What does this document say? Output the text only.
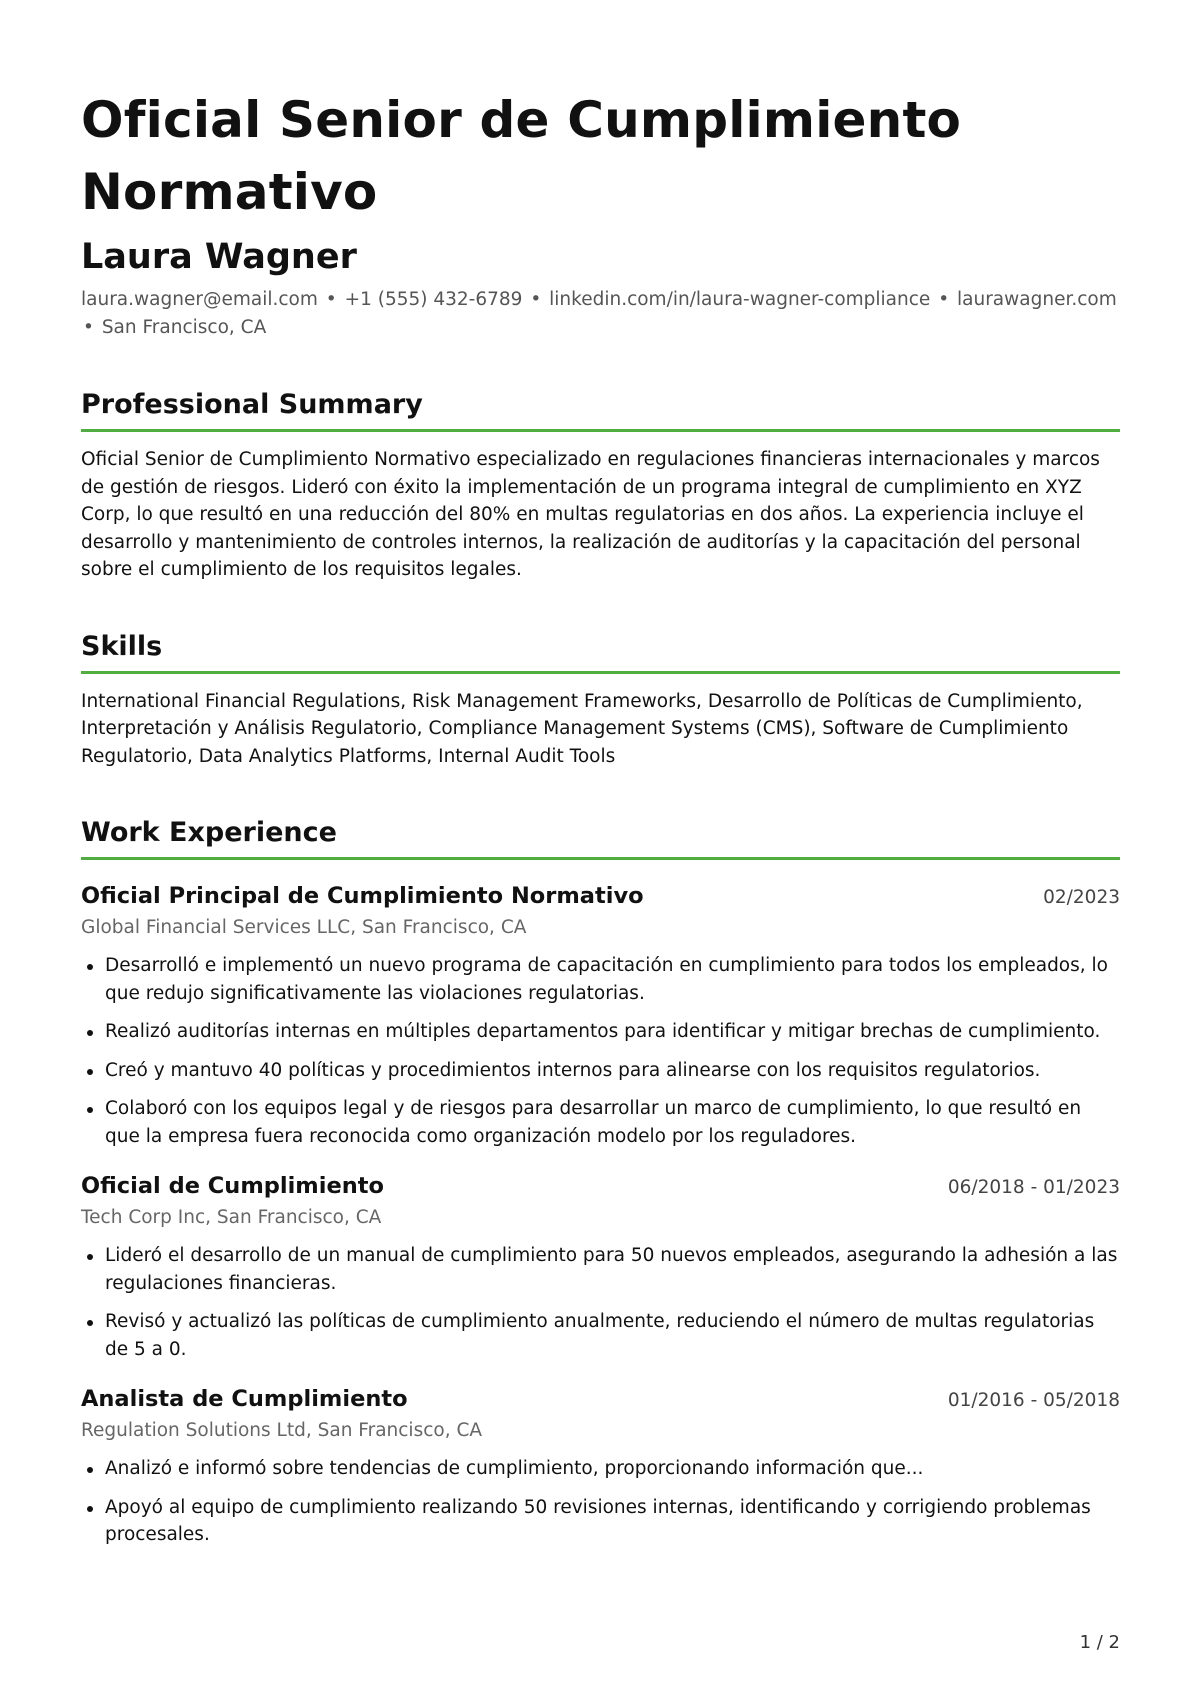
Oficial Senior de Cumplimiento Normativo
Laura Wagner

laura.wagner@email.com • +1 (555) 432-6789 • linkedin.com/in/laura-wagner-compliance • laurawagner.com • San Francisco, CA

Professional Summary

Oficial Senior de Cumplimiento Normativo especializado en regulaciones financieras internacionales y marcos de gestión de riesgos. Lideró con éxito la implementación de un programa integral de cumplimiento en XYZ Corp, lo que resultó en una reducción del 80% en multas regulatorias en dos años. La experiencia incluye el desarrollo y mantenimiento de controles internos, la realización de auditorías y la capacitación del personal sobre el cumplimiento de los requisitos legales.

Skills

International Financial Regulations, Risk Management Frameworks, Desarrollo de Políticas de Cumplimiento, Interpretación y Análisis Regulatorio, Compliance Management Systems (CMS), Software de Cumplimiento Regulatorio, Data Analytics Platforms, Internal Audit Tools

Work Experience
Oficial Principal de Cumplimiento Normativo	02/2023
Global Financial Services LLC, San Francisco, CA
Desarrolló e implementó un nuevo programa de capacitación en cumplimiento para todos los empleados, lo que redujo significativamente las violaciones regulatorias.
Realizó auditorías internas en múltiples departamentos para identificar y mitigar brechas de cumplimiento.
Creó y mantuvo 40 políticas y procedimientos internos para alinearse con los requisitos regulatorios.
Colaboró con los equipos legal y de riesgos para desarrollar un marco de cumplimiento, lo que resultó en que la empresa fuera reconocida como organización modelo por los reguladores.
Oficial de Cumplimiento	06/2018 - 01/2023
Tech Corp Inc, San Francisco, CA
Lideró el desarrollo de un manual de cumplimiento para 50 nuevos empleados, asegurando la adhesión a las regulaciones financieras.
Revisó y actualizó las políticas de cumplimiento anualmente, reduciendo el número de multas regulatorias de 5 a 0.
Analista de Cumplimiento	01/2016 - 05/2018
Regulation Solutions Ltd, San Francisco, CA
Analizó e informó sobre tendencias de cumplimiento, proporcionando información que...
Apoyó al equipo de cumplimiento realizando 50 revisiones internas, identificando y corrigiendo problemas procesales.
1 / 2
